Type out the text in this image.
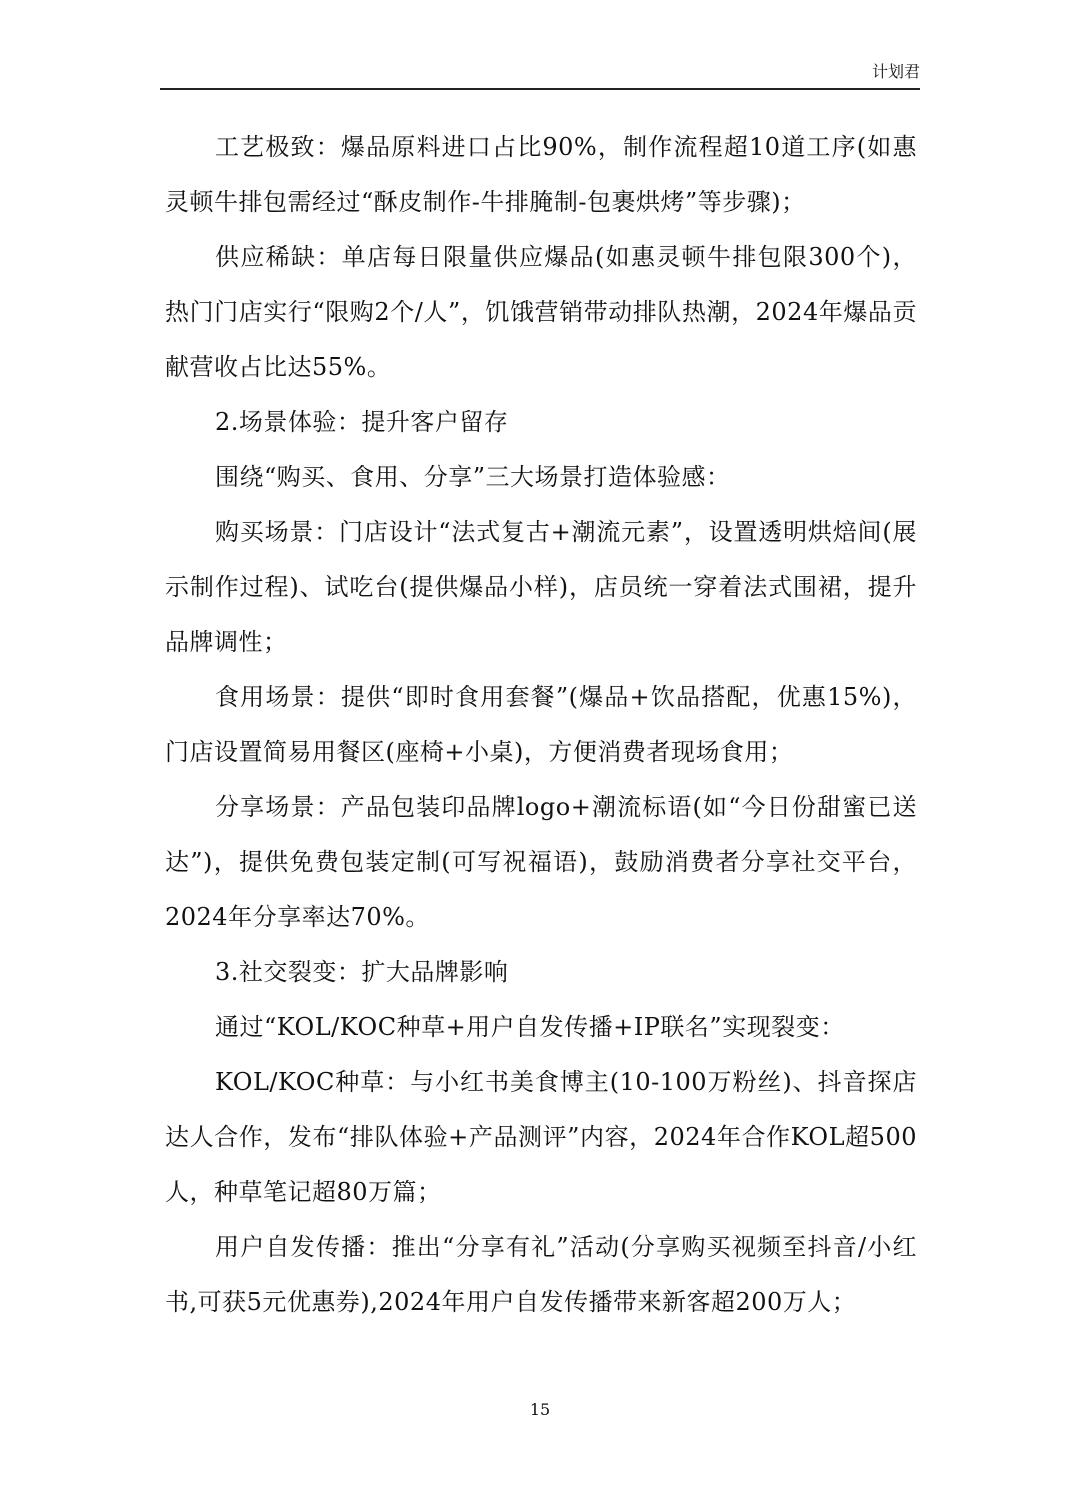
计划君

工艺极致：爆品原料进口占比90%，制作流程超10道工序(如惠灵顿牛排包需经过“酥皮制作-牛排腌制-包裹烘烤”等步骤)；

供应稀缺：单店每日限量供应爆品(如惠灵顿牛排包限300个)，热门门店实行“限购2个/人”，饥饿营销带动排队热潮，2024年爆品贡献营收占比达55%。

2.场景体验：提升客户留存

围绕“购买、食用、分享”三大场景打造体验感：

购买场景：门店设计“法式复古+潮流元素”，设置透明烘焙间(展示制作过程)、试吃台(提供爆品小样)，店员统一穿着法式围裙，提升品牌调性；

食用场景：提供“即时食用套餐”(爆品+饮品搭配，优惠15%)，门店设置简易用餐区(座椅+小桌)，方便消费者现场食用；

分享场景：产品包装印品牌logo+潮流标语(如“今日份甜蜜已送达”)，提供免费包装定制(可写祝福语)，鼓励消费者分享社交平台，2024年分享率达70%。

3.社交裂变：扩大品牌影响

通过“KOL/KOC种草+用户自发传播+IP联名”实现裂变：

KOL/KOC种草：与小红书美食博主(10-100万粉丝)、抖音探店达人合作，发布“排队体验+产品测评”内容，2024年合作KOL超500人，种草笔记超80万篇；

用户自发传播：推出“分享有礼”活动(分享购买视频至抖音/小红书,可获5元优惠券),2024年用户自发传播带来新客超200万人；

15
